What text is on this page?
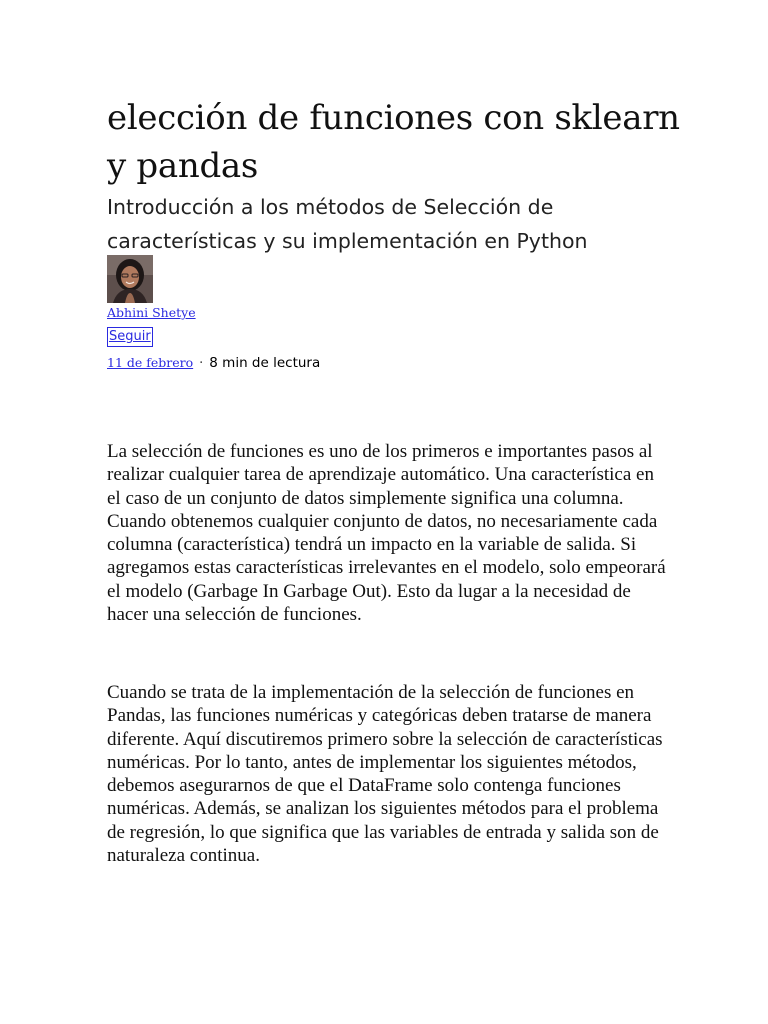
elección de funciones con sklearn y pandas
Introducción a los métodos de Selección de características y su implementación en Python
Abhini Shetye
Seguir
11 de febrero · 8 min de lectura

La selección de funciones es uno de los primeros e importantes pasos al realizar cualquier tarea de aprendizaje automático. Una característica en el caso de un conjunto de datos simplemente significa una columna. Cuando obtenemos cualquier conjunto de datos, no necesariamente cada columna (característica) tendrá un impacto en la variable de salida. Si agregamos estas características irrelevantes en el modelo, solo empeorará el modelo (Garbage In Garbage Out). Esto da lugar a la necesidad de hacer una selección de funciones.

Cuando se trata de la implementación de la selección de funciones en Pandas, las funciones numéricas y categóricas deben tratarse de manera diferente. Aquí discutiremos primero sobre la selección de características numéricas. Por lo tanto, antes de implementar los siguientes métodos, debemos asegurarnos de que el DataFrame solo contenga funciones numéricas. Además, se analizan los siguientes métodos para el problema de regresión, lo que significa que las variables de entrada y salida son de naturaleza continua.
